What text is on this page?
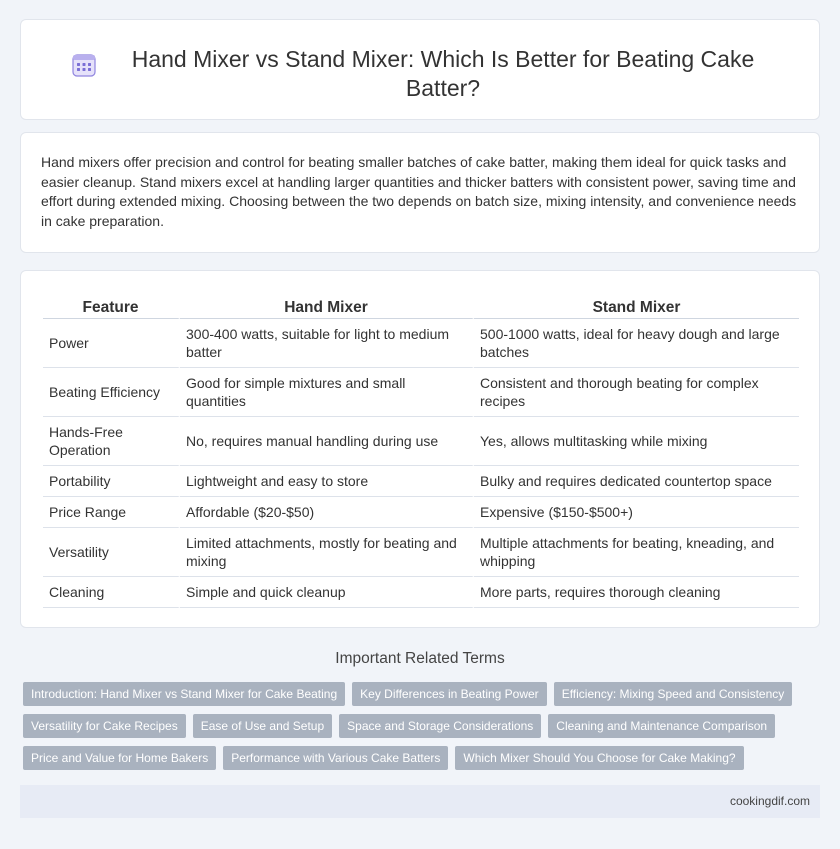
Hand Mixer vs Stand Mixer: Which Is Better for Beating Cake Batter?

Hand mixers offer precision and control for beating smaller batches of cake batter, making them ideal for quick tasks and easier cleanup. Stand mixers excel at handling larger quantities and thicker batters with consistent power, saving time and effort during extended mixing. Choosing between the two depends on batch size, mixing intensity, and convenience needs in cake preparation.

Feature	Hand Mixer	Stand Mixer
Power	300-400 watts, suitable for light to medium batter	500-1000 watts, ideal for heavy dough and large batches
Beating Efficiency	Good for simple mixtures and small quantities	Consistent and thorough beating for complex recipes
Hands-Free Operation	No, requires manual handling during use	Yes, allows multitasking while mixing
Portability	Lightweight and easy to store	Bulky and requires dedicated countertop space
Price Range	Affordable ($20-$50)	Expensive ($150-$500+)
Versatility	Limited attachments, mostly for beating and mixing	Multiple attachments for beating, kneading, and whipping
Cleaning	Simple and quick cleanup	More parts, requires thorough cleaning
Important Related Terms
Introduction: Hand Mixer vs Stand Mixer for Cake Beating	Key Differences in Beating Power	Efficiency: Mixing Speed and Consistency
Versatility for Cake Recipes	Ease of Use and Setup	Space and Storage Considerations	Cleaning and Maintenance Comparison
Price and Value for Home Bakers	Performance with Various Cake Batters	Which Mixer Should You Choose for Cake Making?
cookingdif.com
